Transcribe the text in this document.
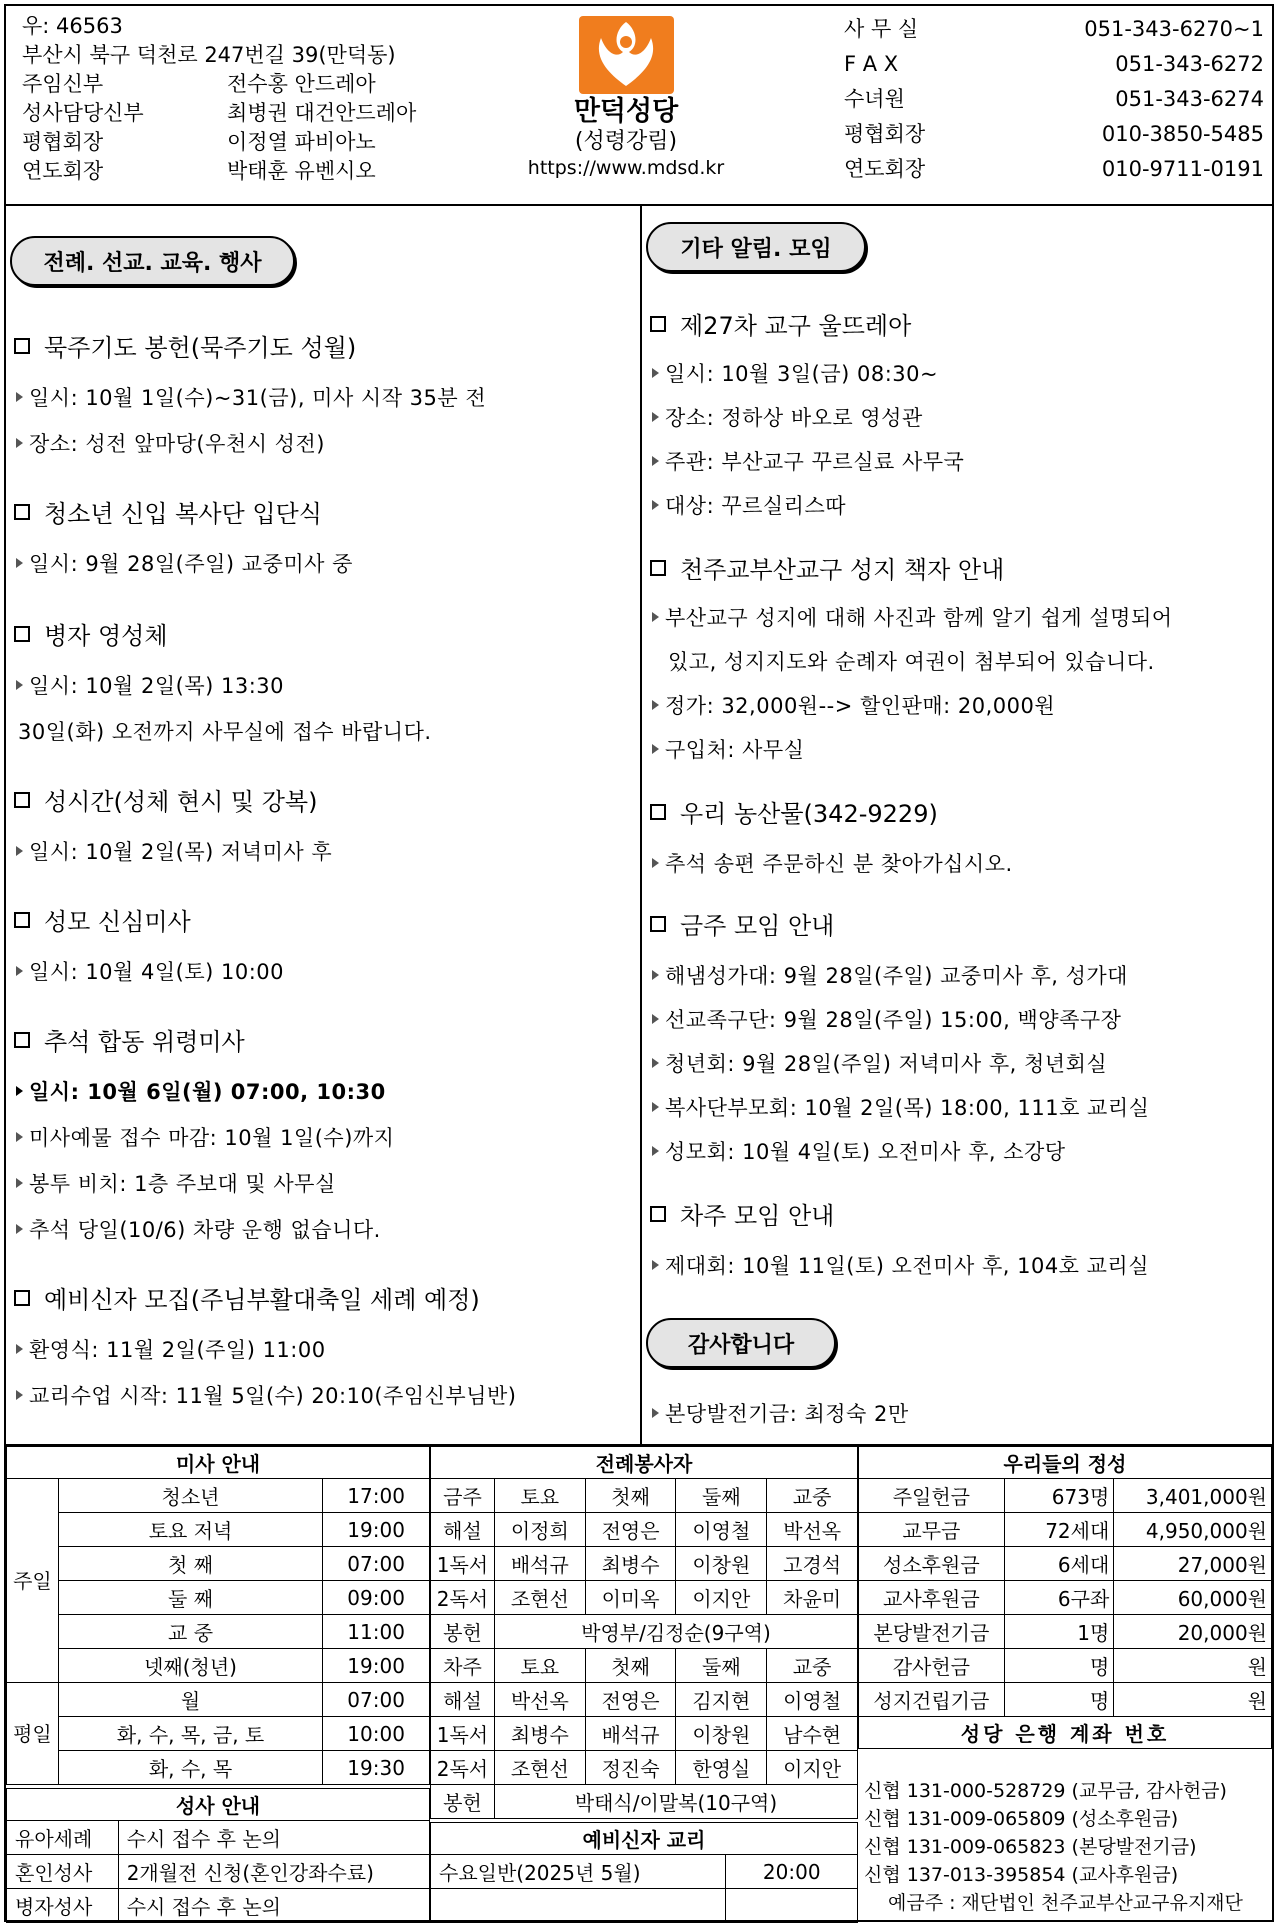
우: 46563
부산시 북구 덕천로 247번길 39(만덕동)
주임신부	전수홍 안드레아
성사담당신부	최병권 대건안드레아
평협회장	이정열 파비아노
연도회장	박태훈 유벤시오
만덕성당
(성령강림)
https://www.mdsd.kr
사 무 실	051-343-6270~1
F A X	051-343-6272
수녀원	051-343-6274
평협회장	010-3850-5485
연도회장	010-9711-0191
전례. 선교. 교육. 행사
묵주기도 봉헌(묵주기도 성월)
일시: 10월 1일(수)~31(금), 미사 시작 35분 전
장소: 성전 앞마당(우천시 성전)
청소년 신입 복사단 입단식
일시: 9월 28일(주일) 교중미사 중
병자 영성체
일시: 10월 2일(목) 13:30
30일(화) 오전까지 사무실에 접수 바랍니다.
성시간(성체 현시 및 강복)
일시: 10월 2일(목) 저녁미사 후
성모 신심미사
일시: 10월 4일(토) 10:00
추석 합동 위령미사
일시: 10월 6일(월) 07:00, 10:30
미사예물 접수 마감: 10월 1일(수)까지
봉투 비치: 1층 주보대 및 사무실
추석 당일(10/6) 차량 운행 없습니다.
예비신자 모집(주님부활대축일 세례 예정)
환영식: 11월 2일(주일) 11:00
교리수업 시작: 11월 5일(수) 20:10(주임신부님반)
기타 알림. 모임
제27차 교구 울뜨레아
일시: 10월 3일(금) 08:30~
장소: 정하상 바오로 영성관
주관: 부산교구 꾸르실료 사무국
대상: 꾸르실리스따
천주교부산교구 성지 책자 안내
부산교구 성지에 대해 사진과 함께 알기 쉽게 설명되어
있고, 성지지도와 순례자 여권이 첨부되어 있습니다.
정가: 32,000원--> 할인판매: 20,000원
구입처: 사무실
우리 농산물(342-9229)
추석 송편 주문하신 분 찾아가십시오.
금주 모임 안내
해냄성가대: 9월 28일(주일) 교중미사 후, 성가대
선교족구단: 9월 28일(주일) 15:00, 백양족구장
청년회: 9월 28일(주일) 저녁미사 후, 청년회실
복사단부모회: 10월 2일(목) 18:00, 111호 교리실
성모회: 10월 4일(토) 오전미사 후, 소강당
차주 모임 안내
제대회: 10월 11일(토) 오전미사 후, 104호 교리실
감사합니다
본당발전기금: 최정숙 2만
미사 안내		
주일	청소년	17:00
	토요 저녁	19:00
	첫 째	07:00
	둘 째	09:00
	교 중	11:00
	넷째(청년)	19:00
평일	월	07:00
	화, 수, 목, 금, 토	10:00
	화, 수, 목	19:30
성사 안내	
유아세례	수시 접수 후 논의
혼인성사	2개월전 신청(혼인강좌수료)
병자성사	수시 접수 후 논의
전례봉사자				
금주	토요	첫째	둘째	교중
해설	이정희	전영은	이영철	박선옥
1독서	배석규	최병수	이창원	고경석
2독서	조현선	이미옥	이지안	차윤미
봉헌	박영부/김정순(9구역)			
차주	토요	첫째	둘째	교중
해설	박선옥	전영은	김지현	이영철
1독서	최병수	배석규	이창원	남수현
2독서	조현선	정진숙	한영실	이지안
봉헌	박태식/이말복(10구역)			
예비신자 교리	
수요일반(2025년 5월)	20:00

우리들의 정성		
주일헌금	673명	3,401,000원
교무금	72세대	4,950,000원
성소후원금	6세대	27,000원
교사후원금	6구좌	60,000원
본당발전기금	1명	20,000원
감사헌금	명	원
성지건립기금	명	원
성당 은행 계좌 번호		
신협 131-000-528729 (교무금, 감사헌금)
신협 131-009-065809 (성소후원금)
신협 131-009-065823 (본당발전기금)
신협 137-013-395854 (교사후원금)
예금주 : 재단법인 천주교부산교구유지재단
